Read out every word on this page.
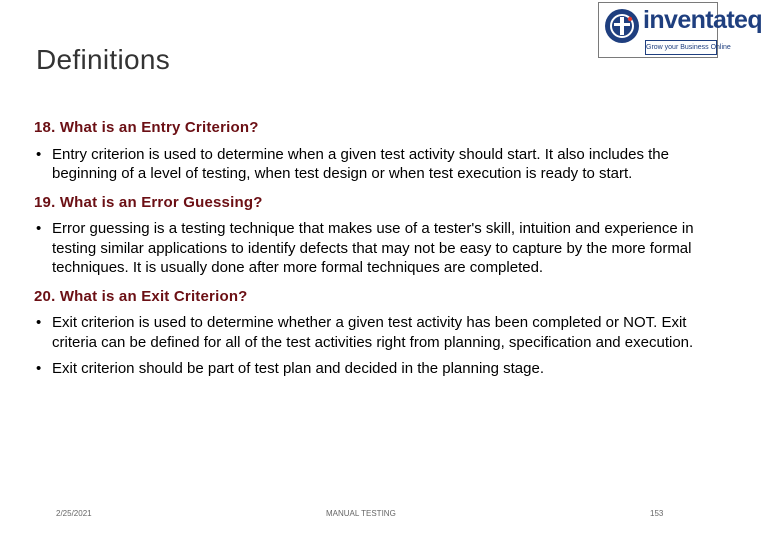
Definitions
inventateq
Grow your Business Online

18. What is an Entry Criterion?

• Entry criterion is used to determine when a given test activity should start. It also includes the beginning of a level of testing, when test design or when test execution is ready to start.

19. What is an Error Guessing?

• Error guessing is a testing technique that makes use of a tester's skill, intuition and experience in testing similar applications to identify defects that may not be easy to capture by the more formal techniques. It is usually done after more formal techniques are completed.

20. What is an Exit Criterion?

• Exit criterion is used to determine whether a given test activity has been completed or NOT. Exit criteria can be defined for all of the test activities right from planning, specification and execution.

• Exit criterion should be part of test plan and decided in the planning stage.

2/25/2021	MANUAL TESTING	153
